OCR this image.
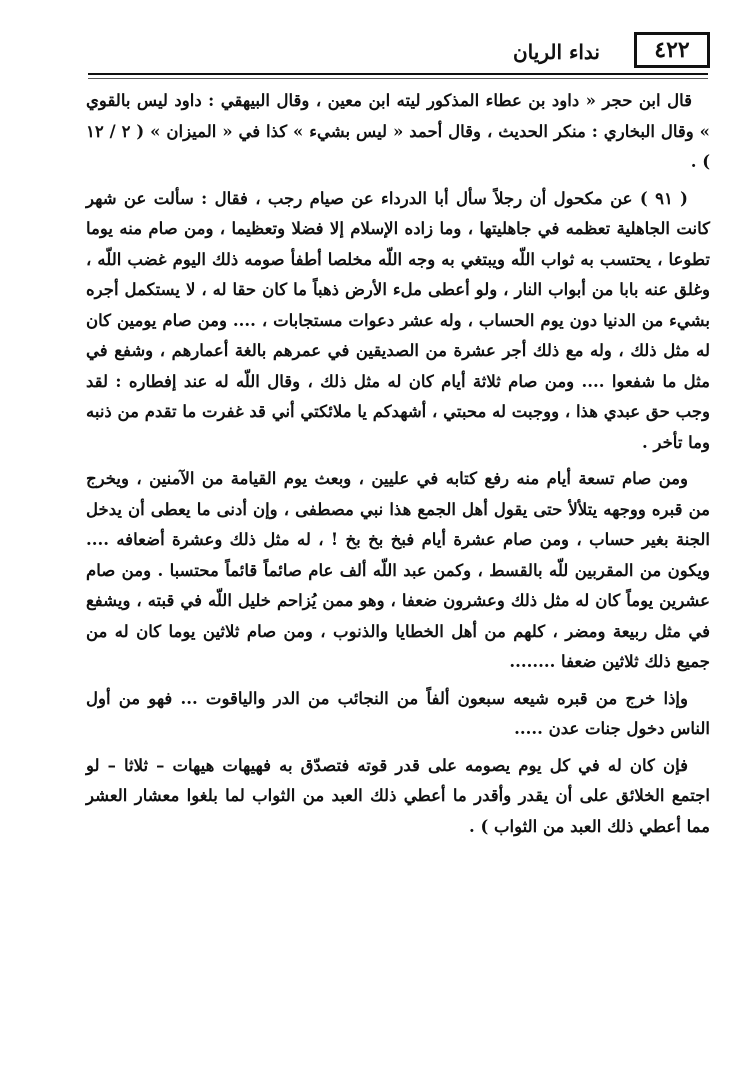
٤٢٢
نداء الريان

قال ابن حجر « داود بن عطاء المذكور ليته ابن معين ، وقال البيهقي : داود ليس بالقوي » وقال البخاري : منكر الحديث ، وقال أحمد « ليس بشيء » كذا في « الميزان » ( ٢ / ١٢ ) .

( ٩١ ) عن مكحول أن رجلاً سأل أبا الدرداء عن صيام رجب ، فقال : سألت عن شهر كانت الجاهلية تعظمه في جاهليتها ، وما زاده الإسلام إلا فضلا وتعظيما ، ومن صام منه يوما تطوعا ، يحتسب به ثواب اللّه ويبتغي به وجه اللّه مخلصا أطفأ صومه ذلك اليوم غضب اللّه ، وغلق عنه بابا من أبواب النار ، ولو أعطى ملء الأرض ذهباً ما كان حقا له ، لا يستكمل أجره بشيء من الدنيا دون يوم الحساب ، وله عشر دعوات مستجابات ، .... ومن صام يومين كان له مثل ذلك ، وله مع ذلك أجر عشرة من الصديقين في عمرهم بالغة أعمارهم ، وشفع في مثل ما شفعوا .... ومن صام ثلاثة أيام كان له مثل ذلك ، وقال اللّه له عند إفطاره : لقد وجب حق عبدي هذا ، ووجبت له محبتي ، أشهدكم يا ملائكتي أني قد غفرت ما تقدم من ذنبه وما تأخر .

ومن صام تسعة أيام منه رفع كتابه في عليين ، وبعث يوم القيامة من الآمنين ، ويخرج من قبره ووجهه يتلألأ حتى يقول أهل الجمع هذا نبي مصطفى ، وإن أدنى ما يعطى أن يدخل الجنة بغير حساب ، ومن صام عشرة أيام فبخ بخ بخ ! ، له مثل ذلك وعشرة أضعافه .... ويكون من المقربين للّه بالقسط ، وكمن عبد اللّه ألف عام صائماً قائماً محتسبا . ومن صام عشرين يوماً كان له مثل ذلك وعشرون ضعفا ، وهو ممن يُزاحم خليل اللّه في قبته ، ويشفع في مثل ربيعة ومضر ، كلهم من أهل الخطايا والذنوب ، ومن صام ثلاثين يوما كان له من جميع ذلك ثلاثين ضعفا ........

وإذا خرج من قبره شيعه سبعون ألفاً من النجائب من الدر والياقوت ... فهو من أول الناس دخول جنات عدن .....

فإن كان له في كل يوم يصومه على قدر قوته فتصدّق به فهيهات هيهات – ثلاثا – لو اجتمع الخلائق على أن يقدر وأقدر ما أعطي ذلك العبد من الثواب لما بلغوا معشار العشر مما أعطي ذلك العبد من الثواب ) .
